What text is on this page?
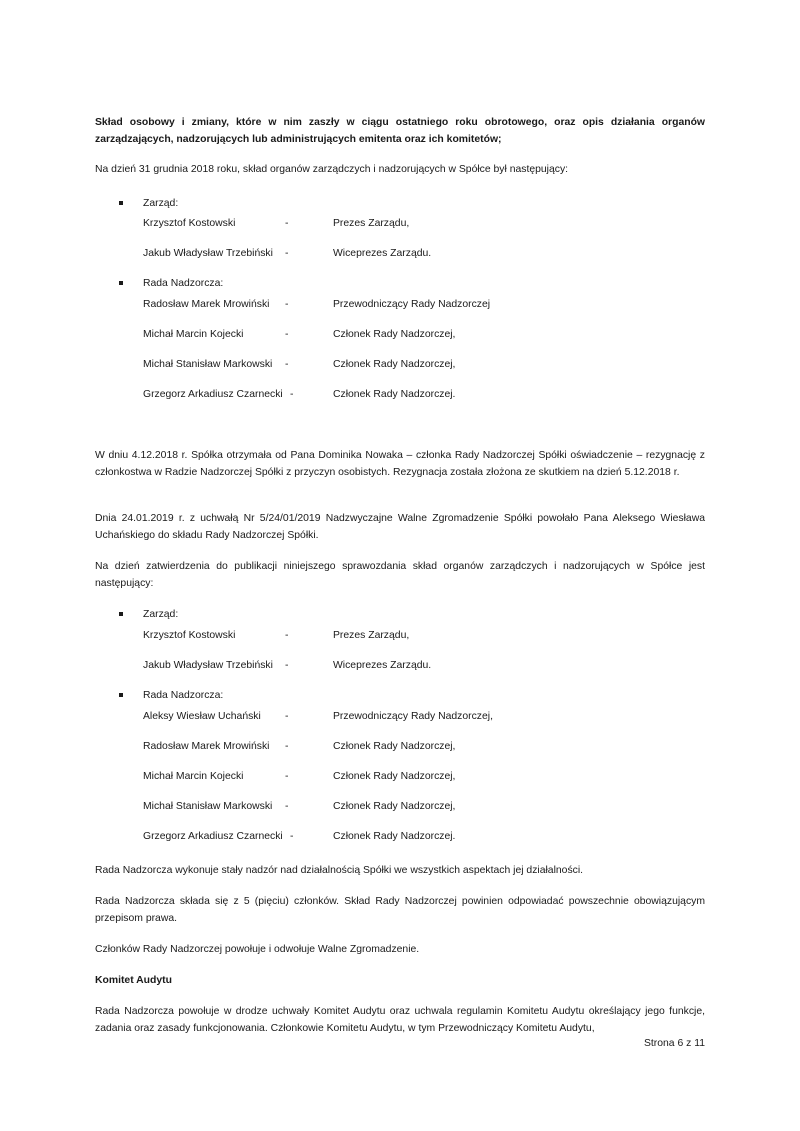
Skład osobowy i zmiany, które w nim zaszły w ciągu ostatniego roku obrotowego, oraz opis działania organów zarządzających, nadzorujących lub administrujących emitenta oraz ich komitetów;

Na dzień 31 grudnia 2018 roku, skład organów zarządczych i nadzorujących w Spółce był następujący:

Zarząd:
Krzysztof Kostowski	-	Prezes Zarządu,
Jakub Władysław Trzebiński -	Wiceprezes Zarządu.
Rada Nadzorcza:
Radosław Marek Mrowiński -	Przewodniczący Rady Nadzorczej
Michał Marcin Kojecki	-	Członek Rady Nadzorczej,
Michał Stanisław Markowski -	Członek Rady Nadzorczej,
Grzegorz Arkadiusz Czarnecki -	Członek Rady Nadzorczej.

W dniu 4.12.2018 r. Spółka otrzymała od Pana Dominika Nowaka – członka Rady Nadzorczej Spółki oświadczenie – rezygnację z członkostwa w Radzie Nadzorczej Spółki z przyczyn osobistych. Rezygnacja została złożona ze skutkiem na dzień 5.12.2018 r.

Dnia 24.01.2019 r. z uchwałą Nr 5/24/01/2019 Nadzwyczajne Walne Zgromadzenie Spółki powołało Pana Aleksego Wiesława Uchańskiego do składu Rady Nadzorczej Spółki.

Na dzień zatwierdzenia do publikacji niniejszego sprawozdania skład organów zarządczych i nadzorujących w Spółce jest następujący:

Zarząd:
Krzysztof Kostowski	-	Prezes Zarządu,
Jakub Władysław Trzebiński -	Wiceprezes Zarządu.
Rada Nadzorcza:
Aleksy Wiesław Uchański -	Przewodniczący Rady Nadzorczej,
Radosław Marek Mrowiński -	Członek Rady Nadzorczej,
Michał Marcin Kojecki	-	Członek Rady Nadzorczej,
Michał Stanisław Markowski -	Członek Rady Nadzorczej,
Grzegorz Arkadiusz Czarnecki -	Członek Rady Nadzorczej.

Rada Nadzorcza wykonuje stały nadzór nad działalnością Spółki we wszystkich aspektach jej działalności.

Rada Nadzorcza składa się z 5 (pięciu) członków. Skład Rady Nadzorczej powinien odpowiadać powszechnie obowiązującym przepisom prawa.

Członków Rady Nadzorczej powołuje i odwołuje Walne Zgromadzenie.

Komitet Audytu

Rada Nadzorcza powołuje w drodze uchwały Komitet Audytu oraz uchwala regulamin Komitetu Audytu określający jego funkcje, zadania oraz zasady funkcjonowania. Członkowie Komitetu Audytu, w tym Przewodniczący Komitetu Audytu,

Strona 6 z 11
